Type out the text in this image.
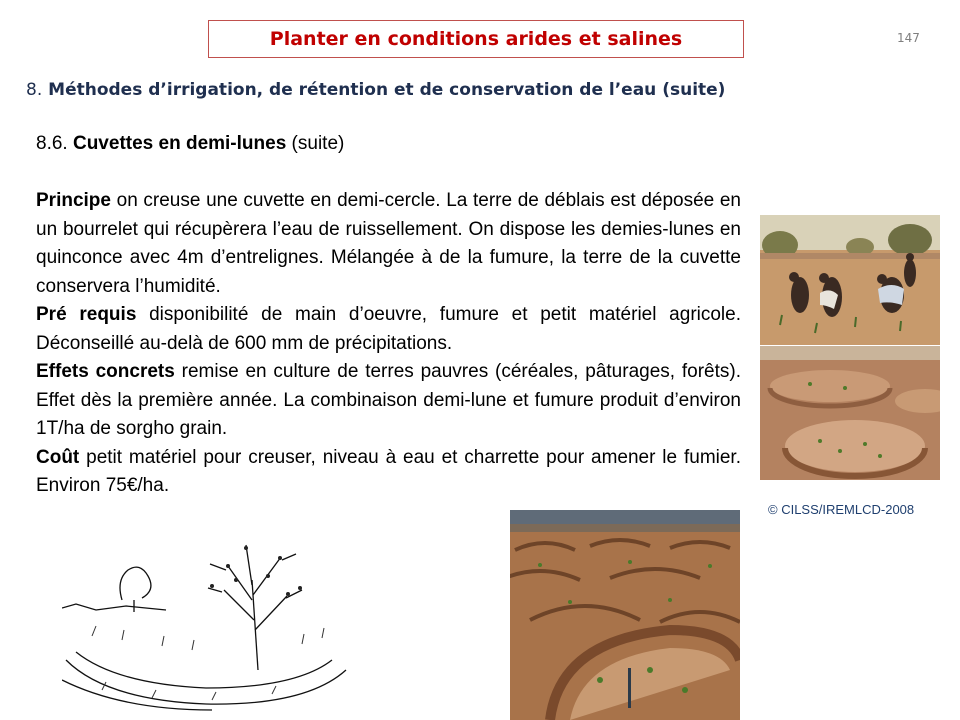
Planter en conditions arides et salines	147
8. Méthodes d’irrigation, de rétention et de conservation de l’eau (suite)
8.6. Cuvettes en demi-lunes (suite)

Principe on creuse une cuvette en demi-cercle. La terre de déblais est déposée en un bourrelet qui récupèrera l’eau de ruissellement. On dispose les demies-lunes en quinconce avec 4m d’entrelignes. Mélangée à de la fumure, la terre de la cuvette conservera l’humidité.

Pré requis disponibilité de main d’oeuvre, fumure et petit matériel agricole. Déconseillé au-delà de 600 mm de précipitations.

Effets concrets remise en culture de terres pauvres (céréales, pâturages, forêts). Effet dès la première année. La combinaison demi-lune et fumure produit d’environ 1T/ha de sorgho grain.

Coût petit matériel pour creuser, niveau à eau et charrette pour amener le fumier. Environ 75€/ha.

© CILSS/IREMLCD-2008
